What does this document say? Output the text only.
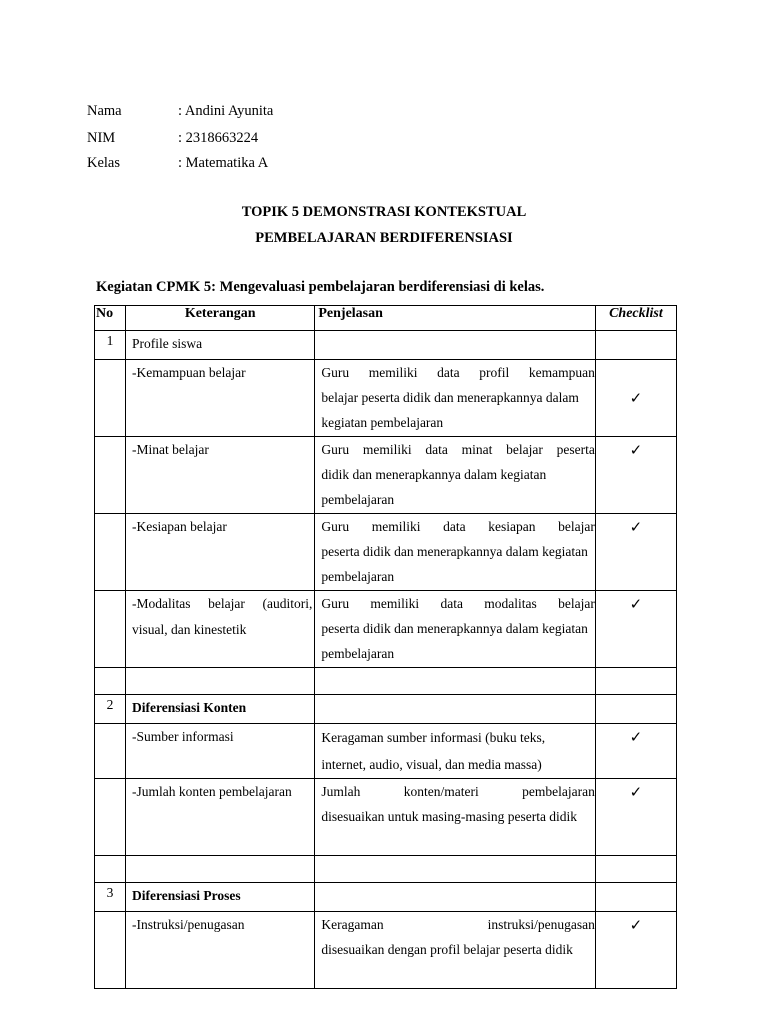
Nama	: Andini Ayunita
NIM	: 2318663224
Kelas	: Matematika A
TOPIK 5 DEMONSTRASI KONTEKSTUAL
PEMBELAJARAN BERDIFERENSIASI
Kegiatan CPMK 5: Mengevaluasi pembelajaran berdiferensiasi di kelas.
No	Keterangan	Penjelasan	Checklist
1	Profile siswa		
	-Kemampuan belajar	Guru memiliki data profil kemampuan
belajar peserta didik dan menerapkannya dalam kegiatan pembelajaran	✓
	-Minat belajar	Guru memiliki data minat belajar peserta
didik dan menerapkannya dalam kegiatan pembelajaran	✓
	-Kesiapan belajar	Guru memiliki data kesiapan belajar
peserta didik dan menerapkannya dalam kegiatan pembelajaran	✓
	-Modalitas belajar (auditori, visual, dan kinestetik	Guru memiliki data modalitas belajar
peserta didik dan menerapkannya dalam kegiatan pembelajaran	✓

2	Diferensiasi Konten		
	-Sumber informasi	Keragaman sumber informasi (buku teks,
internet, audio, visual, dan media massa)	✓
	-Jumlah konten pembelajaran	Jumlah konten/materi pembelajaran
disesuaikan untuk masing-masing peserta didik	✓

3	Diferensiasi Proses		
	-Instruksi/penugasan	Keragaman instruksi/penugasan
disesuaikan dengan profil belajar peserta didik	✓
